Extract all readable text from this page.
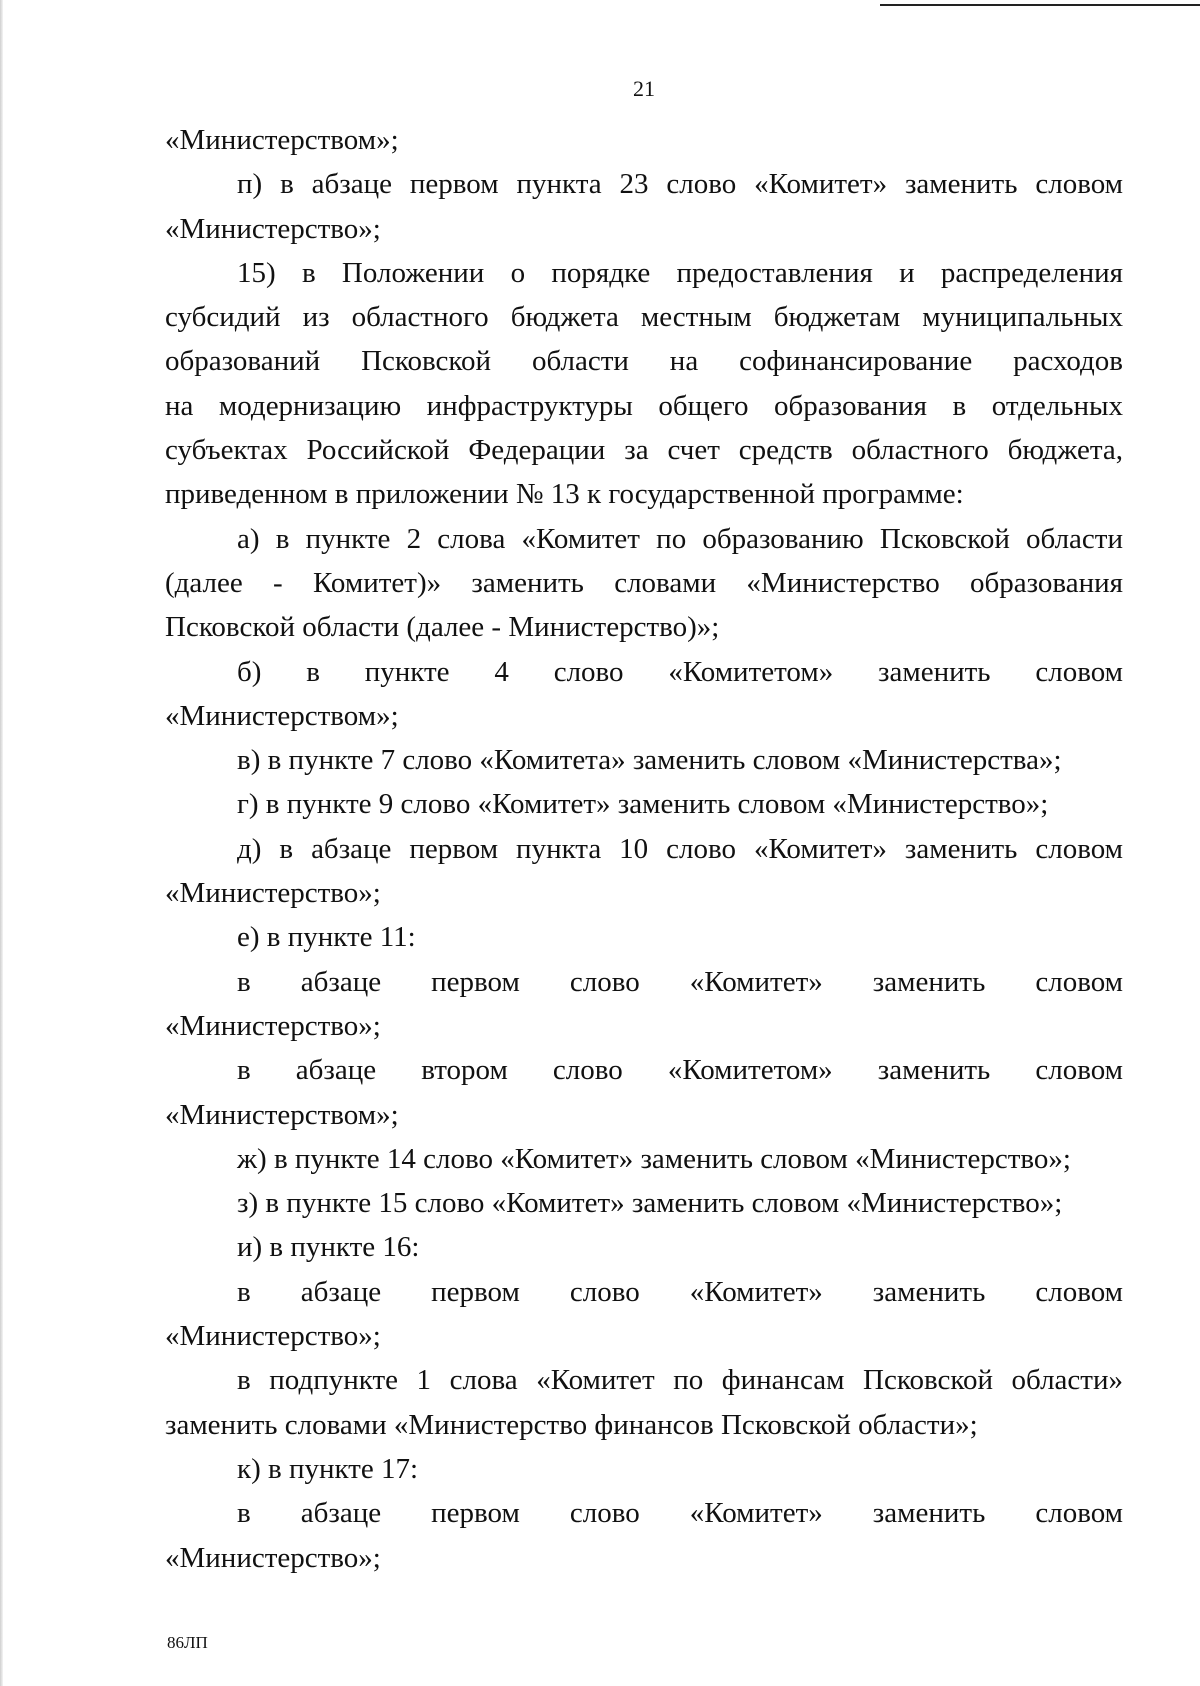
21
«Министерством»;
п) в абзаце первом пункта 23 слово «Комитет» заменить словом
«Министерство»;
15) в Положении о порядке предоставления и распределения
субсидий из областного бюджета местным бюджетам муниципальных
образований Псковской области на софинансирование расходов
на модернизацию инфраструктуры общего образования в отдельных
субъектах Российской Федерации за счет средств областного бюджета,
приведенном в приложении № 13 к государственной программе:
а) в пункте 2 слова «Комитет по образованию Псковской области
(далее - Комитет)» заменить словами «Министерство образования
Псковской области (далее - Министерство)»;
б) в пункте 4 слово «Комитетом» заменить словом
«Министерством»;
в) в пункте 7 слово «Комитета» заменить словом «Министерства»;
г) в пункте 9 слово «Комитет» заменить словом «Министерство»;
д) в абзаце первом пункта 10 слово «Комитет» заменить словом
«Министерство»;
е) в пункте 11:
в абзаце первом слово «Комитет» заменить словом
«Министерство»;
в абзаце втором слово «Комитетом» заменить словом
«Министерством»;
ж) в пункте 14 слово «Комитет» заменить словом «Министерство»;
з) в пункте 15 слово «Комитет» заменить словом «Министерство»;
и) в пункте 16:
в абзаце первом слово «Комитет» заменить словом
«Министерство»;
в подпункте 1 слова «Комитет по финансам Псковской области»
заменить словами «Министерство финансов Псковской области»;
к) в пункте 17:
в абзаце первом слово «Комитет» заменить словом
«Министерство»;
86ЛП
